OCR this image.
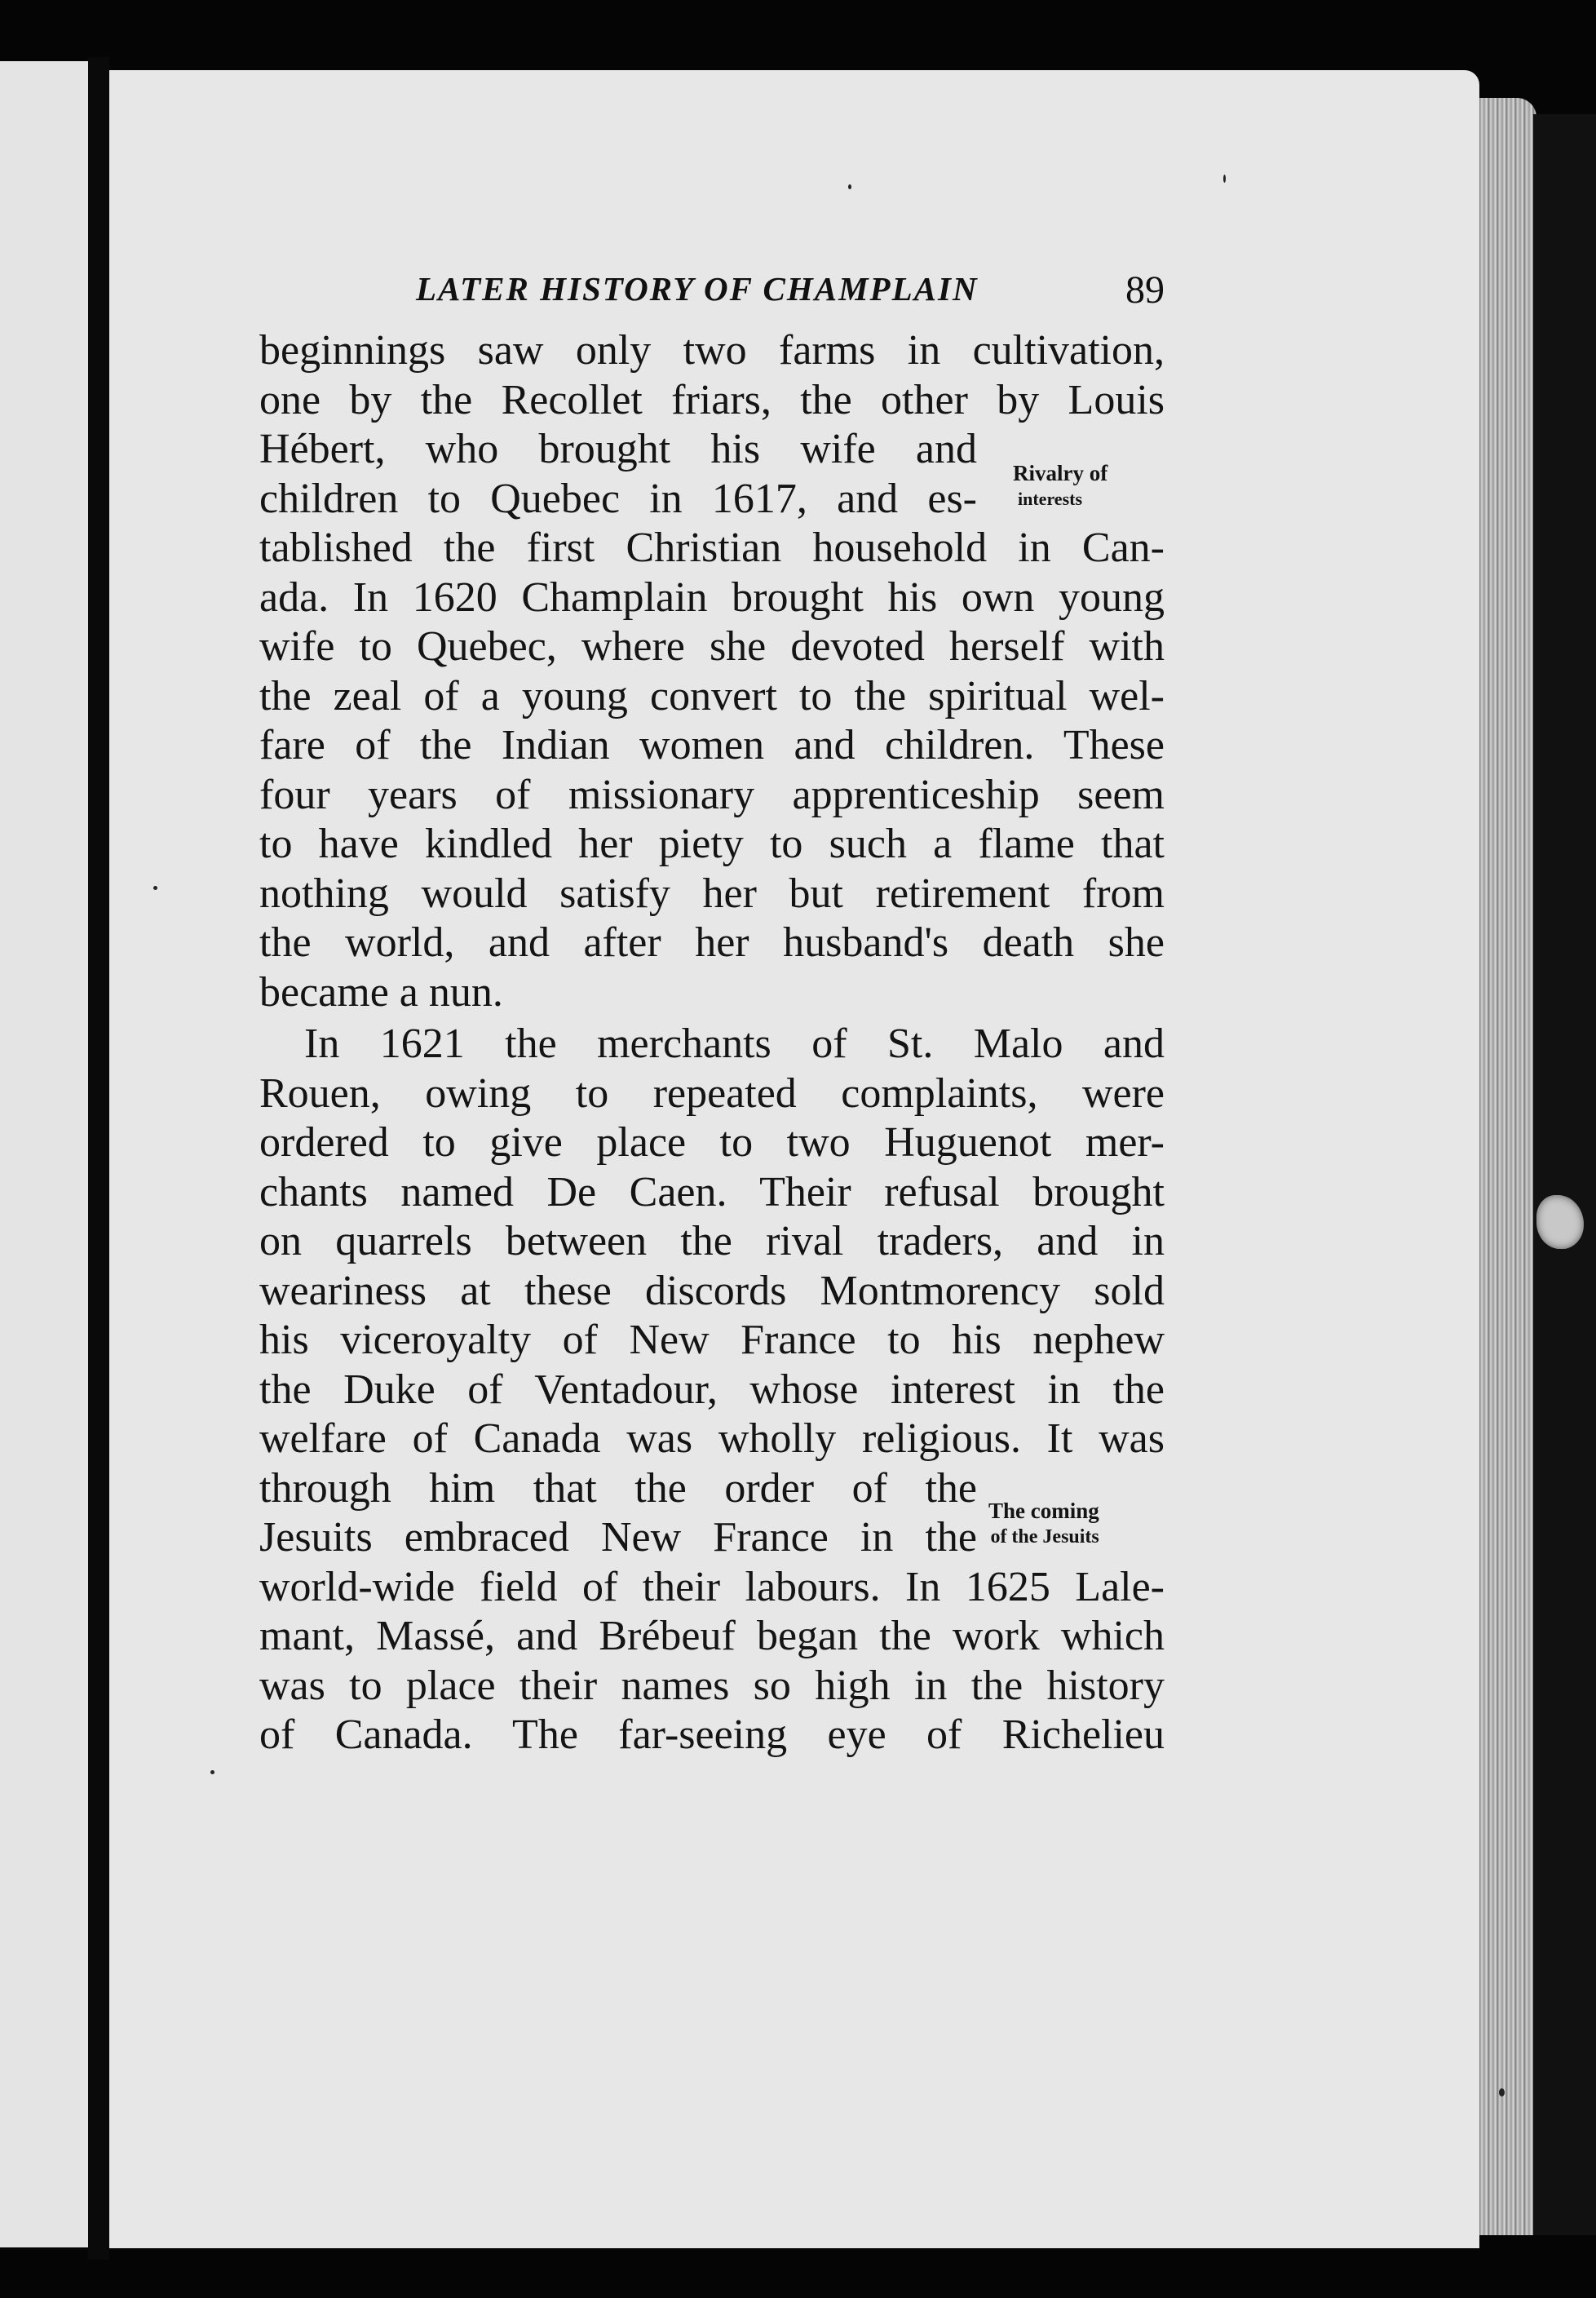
LATER HISTORY OF CHAMPLAIN	89
beginnings saw only two farms in cultivation,
one by the Recollet friars, the other by Louis
Hébert, who brought his wife and
children to Quebec in 1617, and es-
tablished the first Christian household in Can-
ada. In 1620 Champlain brought his own young
wife to Quebec, where she devoted herself with
the zeal of a young convert to the spiritual wel-
fare of the Indian women and children. These
four years of missionary apprenticeship seem
to have kindled her piety to such a flame that
nothing would satisfy her but retirement from
the world, and after her husband's death she
became a nun.
In 1621 the merchants of St. Malo and
Rouen, owing to repeated complaints, were
ordered to give place to two Huguenot mer-
chants named De Caen. Their refusal brought
on quarrels between the rival traders, and in
weariness at these discords Montmorency sold
his viceroyalty of New France to his nephew
the Duke of Ventadour, whose interest in the
welfare of Canada was wholly religious. It was
through him that the order of the
Jesuits embraced New France in the
world-wide field of their labours. In 1625 Lale-
mant, Massé, and Brébeuf began the work which
was to place their names so high in the history
of Canada. The far-seeing eye of Richelieu
Rivalry of
interests
The coming
of the Jesuits
